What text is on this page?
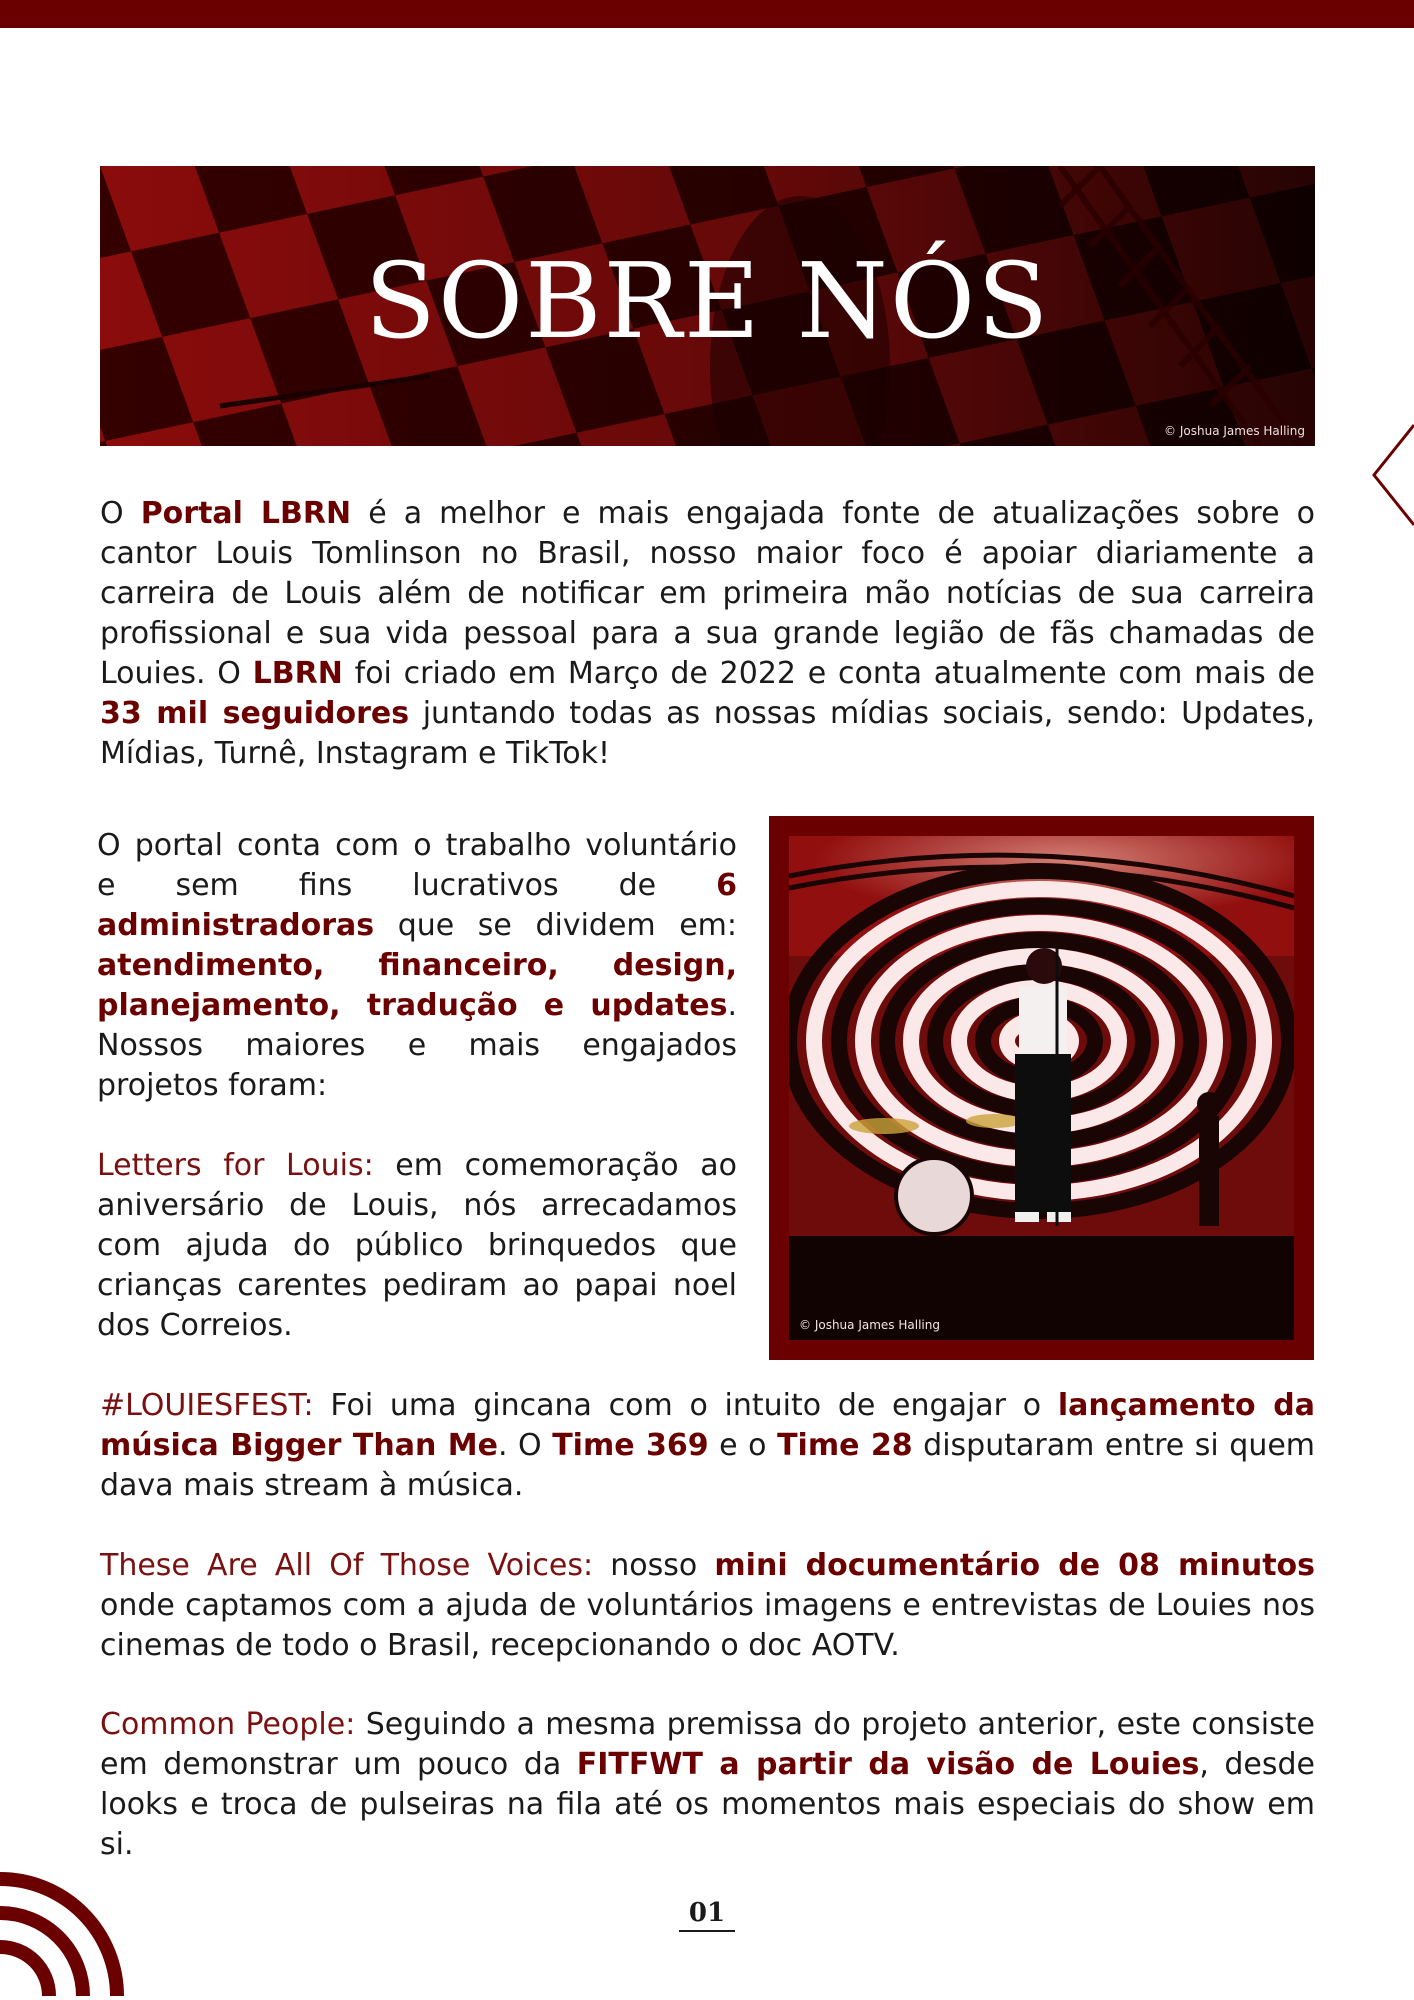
SOBRE NÓS
© Joshua James Halling

O Portal LBRN é a melhor e mais engajada fonte de atualizações sobre o cantor Louis Tomlinson no Brasil, nosso maior foco é apoiar diariamente a carreira de Louis além de notificar em primeira mão notícias de sua carreira profissional e sua vida pessoal para a sua grande legião de fãs chamadas de Louies. O LBRN foi criado em Março de 2022 e conta atualmente com mais de 33 mil seguidores juntando todas as nossas mídias sociais, sendo: Updates, Mídias, Turnê, Instagram e TikTok!

O portal conta com o trabalho voluntário e sem fins lucrativos de 6 administradoras que se dividem em: atendimento, financeiro, design, planejamento, tradução e updates. Nossos maiores e mais engajados projetos foram:

Letters for Louis: em comemoração ao aniversário de Louis, nós arrecadamos com ajuda do público brinquedos que crianças carentes pediram ao papai noel dos Correios.	© Joshua James Halling

#LOUIESFEST: Foi uma gincana com o intuito de engajar o lançamento da música Bigger Than Me. O Time 369 e o Time 28 disputaram entre si quem dava mais stream à música.

These Are All Of Those Voices: nosso mini documentário de 08 minutos onde captamos com a ajuda de voluntários imagens e entrevistas de Louies nos cinemas de todo o Brasil, recepcionando o doc AOTV.

Common People: Seguindo a mesma premissa do projeto anterior, este consiste em demonstrar um pouco da FITFWT a partir da visão de Louies, desde looks e troca de pulseiras na fila até os momentos mais especiais do show em si.

01
